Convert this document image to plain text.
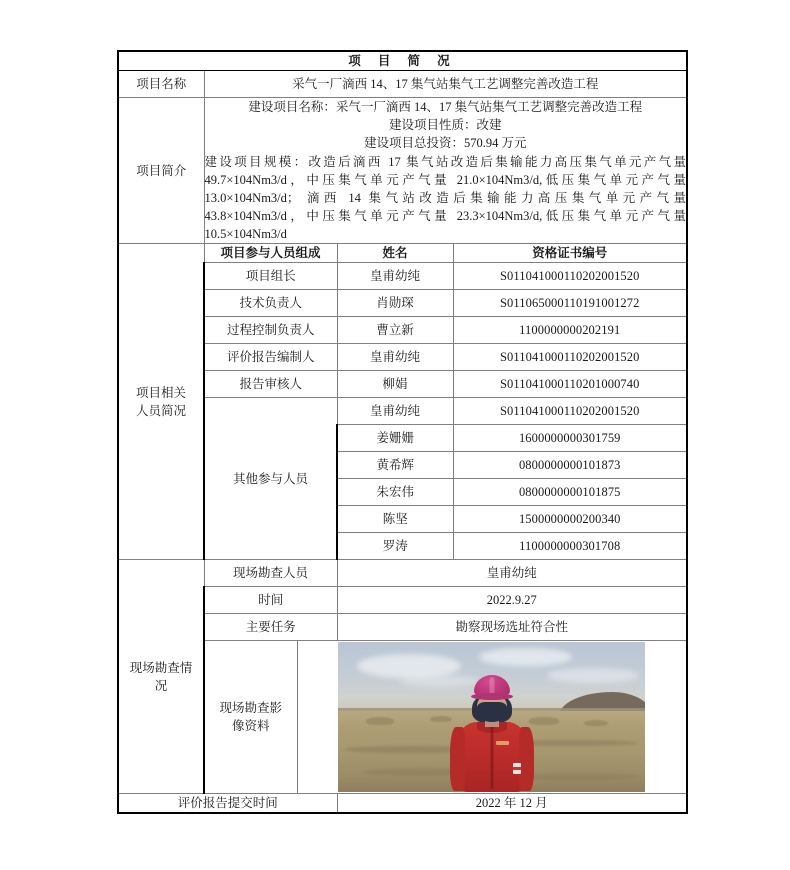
项 目 简 况				
项目名称	采气一厂滴西 14、17 集气站集气工艺调整完善改造工程			
项目简介	

建设项目名称：采气一厂滴西 14、17 集气站集气工艺调整完善改造工程

建设项目性质：改建

建设项目总投资：570.94 万元

建设项目规模：改造后滴西 17 集气站改造后集输能力高压集气单元产气量

49.7×104Nm3/d，中压集气单元产气量 21.0×104Nm3/d,低压集气单元产气量

13.0×104Nm3/d； 滴西 14 集气站改造后集输能力高压集气单元产气量

43.8×104Nm3/d，中压集气单元产气量 23.3×104Nm3/d,低压集气单元产气量

10.5×104Nm3/d

项目相关
人员简况	项目参与人员组成		姓名	资格证书编号
	项目组长		皇甫幼纯	S011041000110202001520
	技术负责人		肖勋琛	S011065000110191001272
	过程控制负责人		曹立新	1100000000202191
	评价报告编制人		皇甫幼纯	S011041000110202001520
	报告审核人		柳娟	S011041000110201000740
	其他参与人员		皇甫幼纯	S011041000110202001520
			姜姗姗	1600000000301759
			黄希辉	0800000000101873
			朱宏伟	0800000000101875
			陈坚	1500000000200340
			罗涛	1100000000301708

现场勘查情
况	现场勘查人员		皇甫幼纯	
	时间		2022.9.27	
	主要任务		勘察现场选址符合性	

	现场勘查影
像资料			

评价报告提交时间			2022 年 12 月	
